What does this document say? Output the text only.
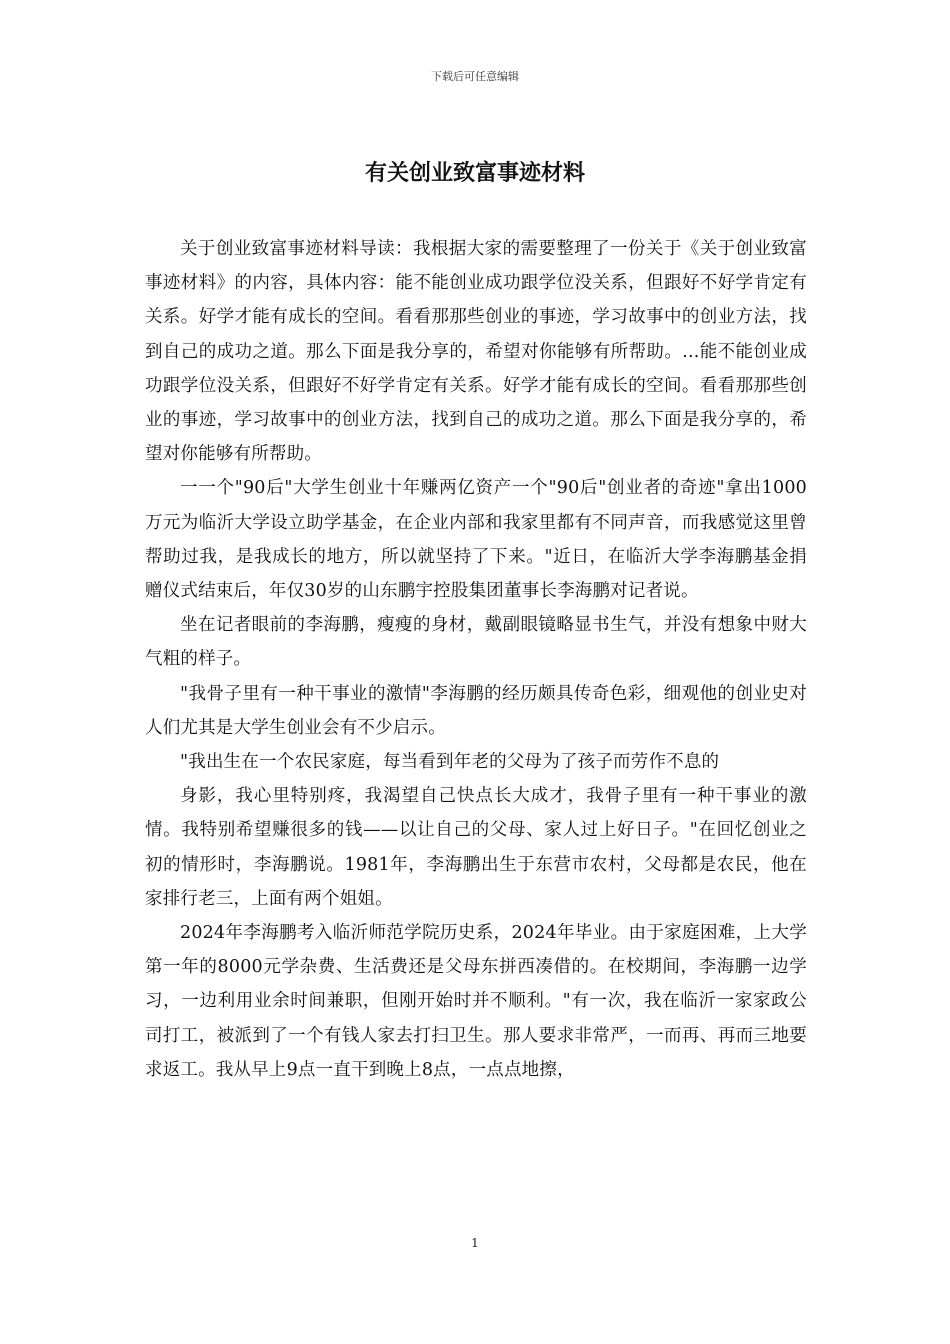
下载后可任意编辑
有关创业致富事迹材料

关于创业致富事迹材料导读：我根据大家的需要整理了一份关于《关于创业致富事迹材料》的内容，具体内容：能不能创业成功跟学位没关系，但跟好不好学肯定有关系。好学才能有成长的空间。看看那那些创业的事迹，学习故事中的创业方法，找到自己的成功之道。那么下面是我分享的，希望对你能够有所帮助。...能不能创业成功跟学位没关系，但跟好不好学肯定有关系。好学才能有成长的空间。看看那那些创业的事迹，学习故事中的创业方法，找到自己的成功之道。那么下面是我分享的，希望对你能够有所帮助。

一一个"90后"大学生创业十年赚两亿资产一个"90后"创业者的奇迹"拿出1000万元为临沂大学设立助学基金，在企业内部和我家里都有不同声音，而我感觉这里曾帮助过我，是我成长的地方，所以就坚持了下来。"近日，在临沂大学李海鹏基金捐赠仪式结束后，年仅30岁的山东鹏宇控股集团董事长李海鹏对记者说。

坐在记者眼前的李海鹏，瘦瘦的身材，戴副眼镜略显书生气，并没有想象中财大气粗的样子。

"我骨子里有一种干事业的激情"李海鹏的经历颇具传奇色彩，细观他的创业史对人们尤其是大学生创业会有不少启示。

"我出生在一个农民家庭，每当看到年老的父母为了孩子而劳作不息的

身影，我心里特别疼，我渴望自己快点长大成才，我骨子里有一种干事业的激情。我特别希望赚很多的钱——以让自己的父母、家人过上好日子。"在回忆创业之初的情形时，李海鹏说。1981年，李海鹏出生于东营市农村，父母都是农民，他在家排行老三，上面有两个姐姐。

2024年李海鹏考入临沂师范学院历史系，2024年毕业。由于家庭困难，上大学第一年的8000元学杂费、生活费还是父母东拼西凑借的。在校期间，李海鹏一边学习，一边利用业余时间兼职，但刚开始时并不顺利。"有一次，我在临沂一家家政公司打工，被派到了一个有钱人家去打扫卫生。那人要求非常严，一而再、再而三地要求返工。我从早上9点一直干到晚上8点，一点点地擦，

1
